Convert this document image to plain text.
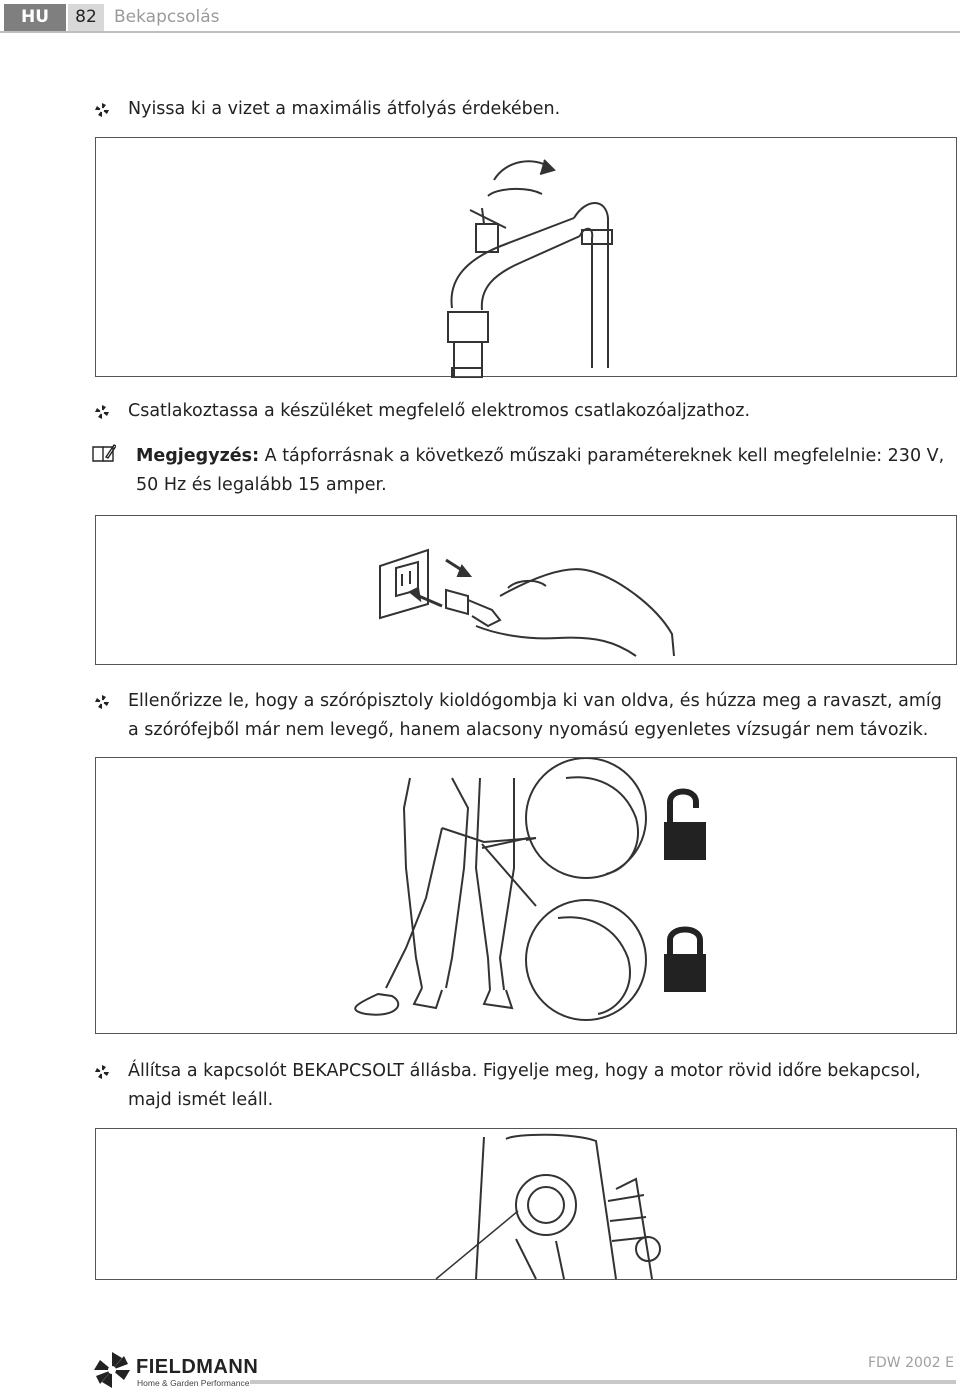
HU	82	Bekapcsolás
Nyissa ki a vizet a maximális átfolyás érdekében.
Csatlakoztassa a készüléket megfelelő elektromos csatlakozóaljzathoz.
Megjegyzés: A tápforrásnak a következő műszaki paramétereknek kell megfelelnie: 230 V, 50 Hz és legalább 15 amper.
Ellenőrizze le, hogy a szórópisztoly kioldógombja ki van oldva, és húzza meg a ravaszt, amíg a szórófejből már nem levegő, hanem alacsony nyomású egyenletes vízsugár nem távozik.
Állítsa a kapcsolót BEKAPCSOLT állásba. Figyelje meg, hogy a motor rövid időre bekapcsol, majd ismét leáll.
FIELDMANN
Home & Garden Performance
FDW 2002 E
